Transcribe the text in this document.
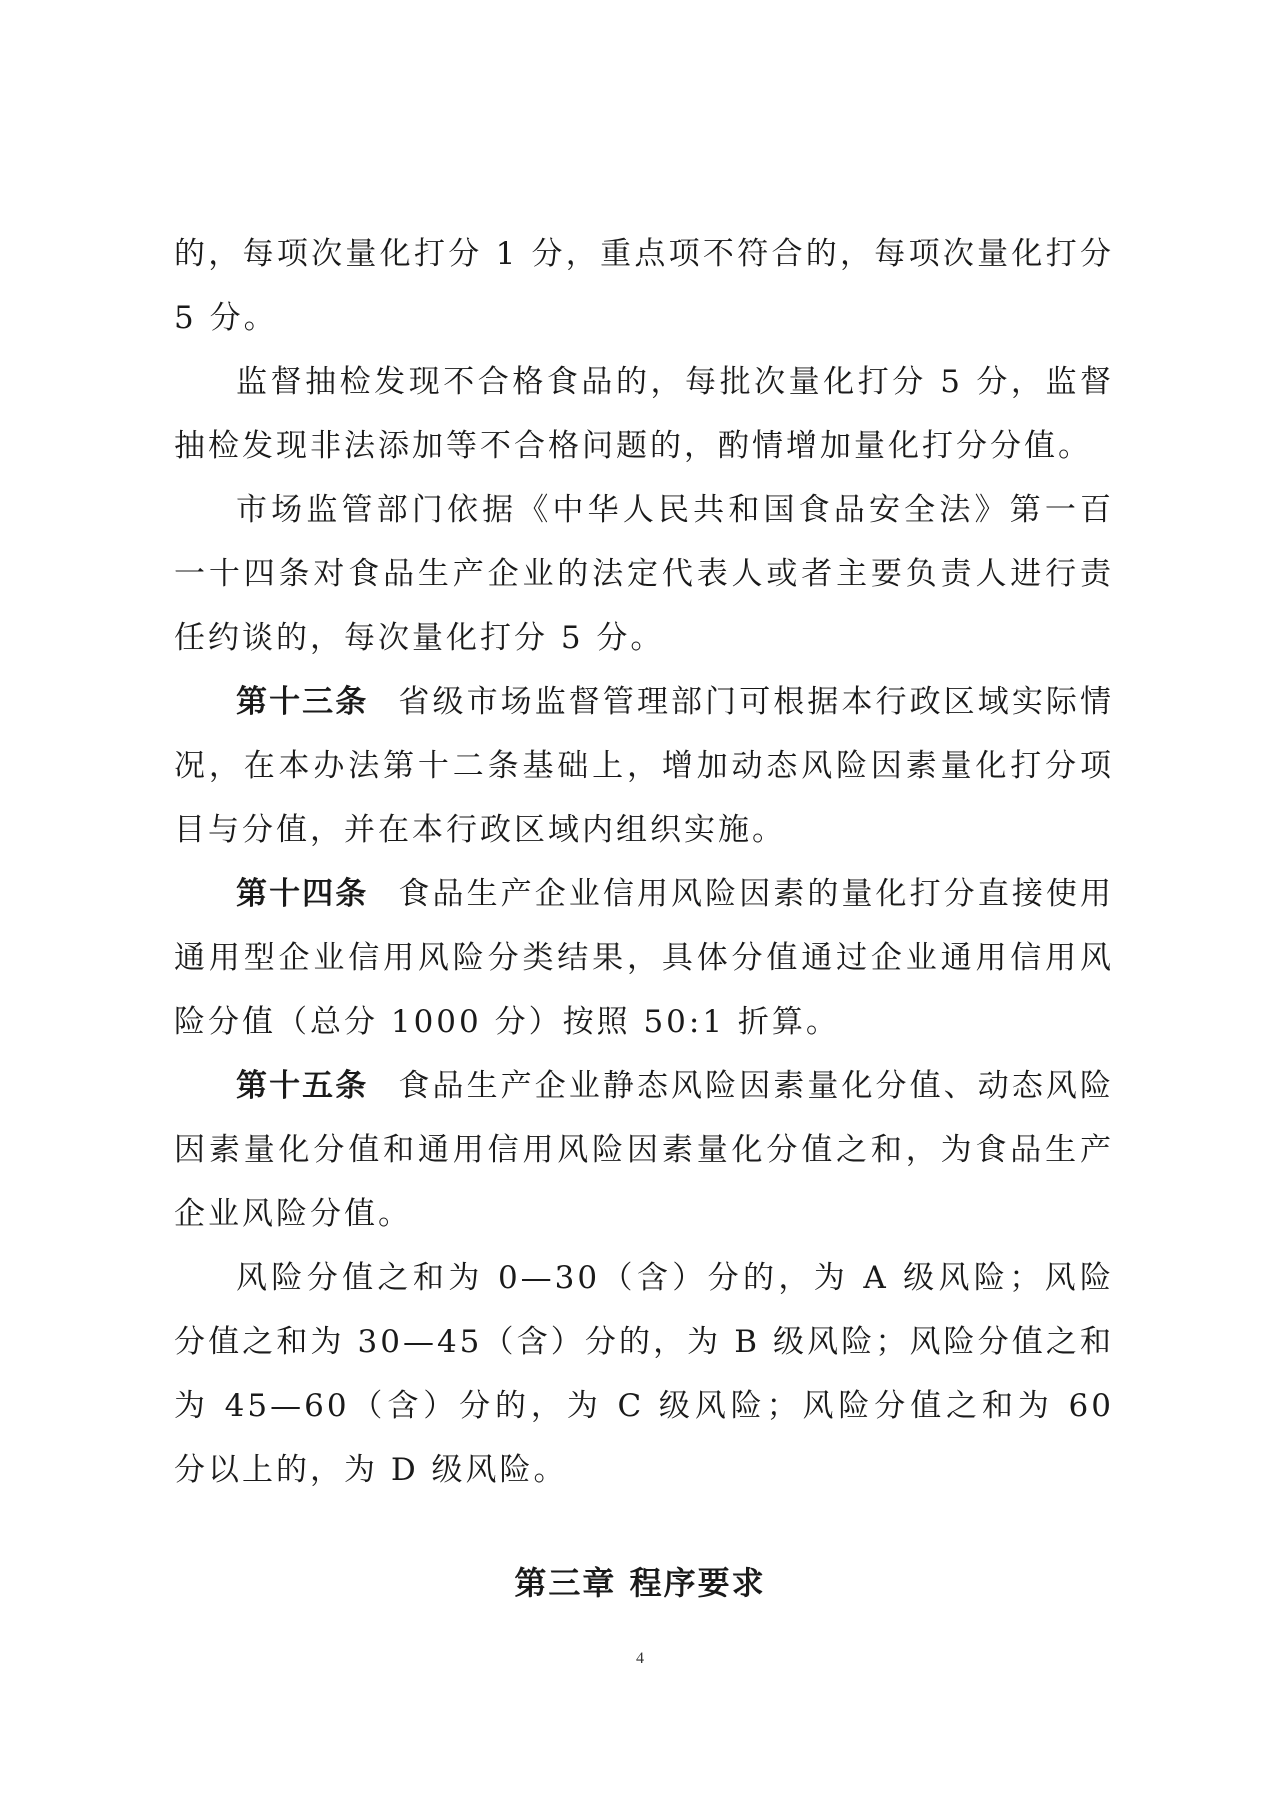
的，每项次量化打分 1 分，重点项不符合的，每项次量化打分 5 分。

监督抽检发现不合格食品的，每批次量化打分 5 分，监督抽检发现非法添加等不合格问题的，酌情增加量化打分分值。

市场监管部门依据《中华人民共和国食品安全法》第一百一十四条对食品生产企业的法定代表人或者主要负责人进行责任约谈的，每次量化打分 5 分。

第十三条 省级市场监督管理部门可根据本行政区域实际情况，在本办法第十二条基础上，增加动态风险因素量化打分项目与分值，并在本行政区域内组织实施。

第十四条 食品生产企业信用风险因素的量化打分直接使用通用型企业信用风险分类结果，具体分值通过企业通用信用风险分值（总分 1000 分）按照 50:1 折算。

第十五条 食品生产企业静态风险因素量化分值、动态风险因素量化分值和通用信用风险因素量化分值之和，为食品生产企业风险分值。

风险分值之和为 0—30（含）分的，为 A 级风险；风险分值之和为 30—45（含）分的，为 B 级风险；风险分值之和为 45—60（含）分的，为 C 级风险；风险分值之和为 60 分以上的，为 D 级风险。

第三章 程序要求
4
